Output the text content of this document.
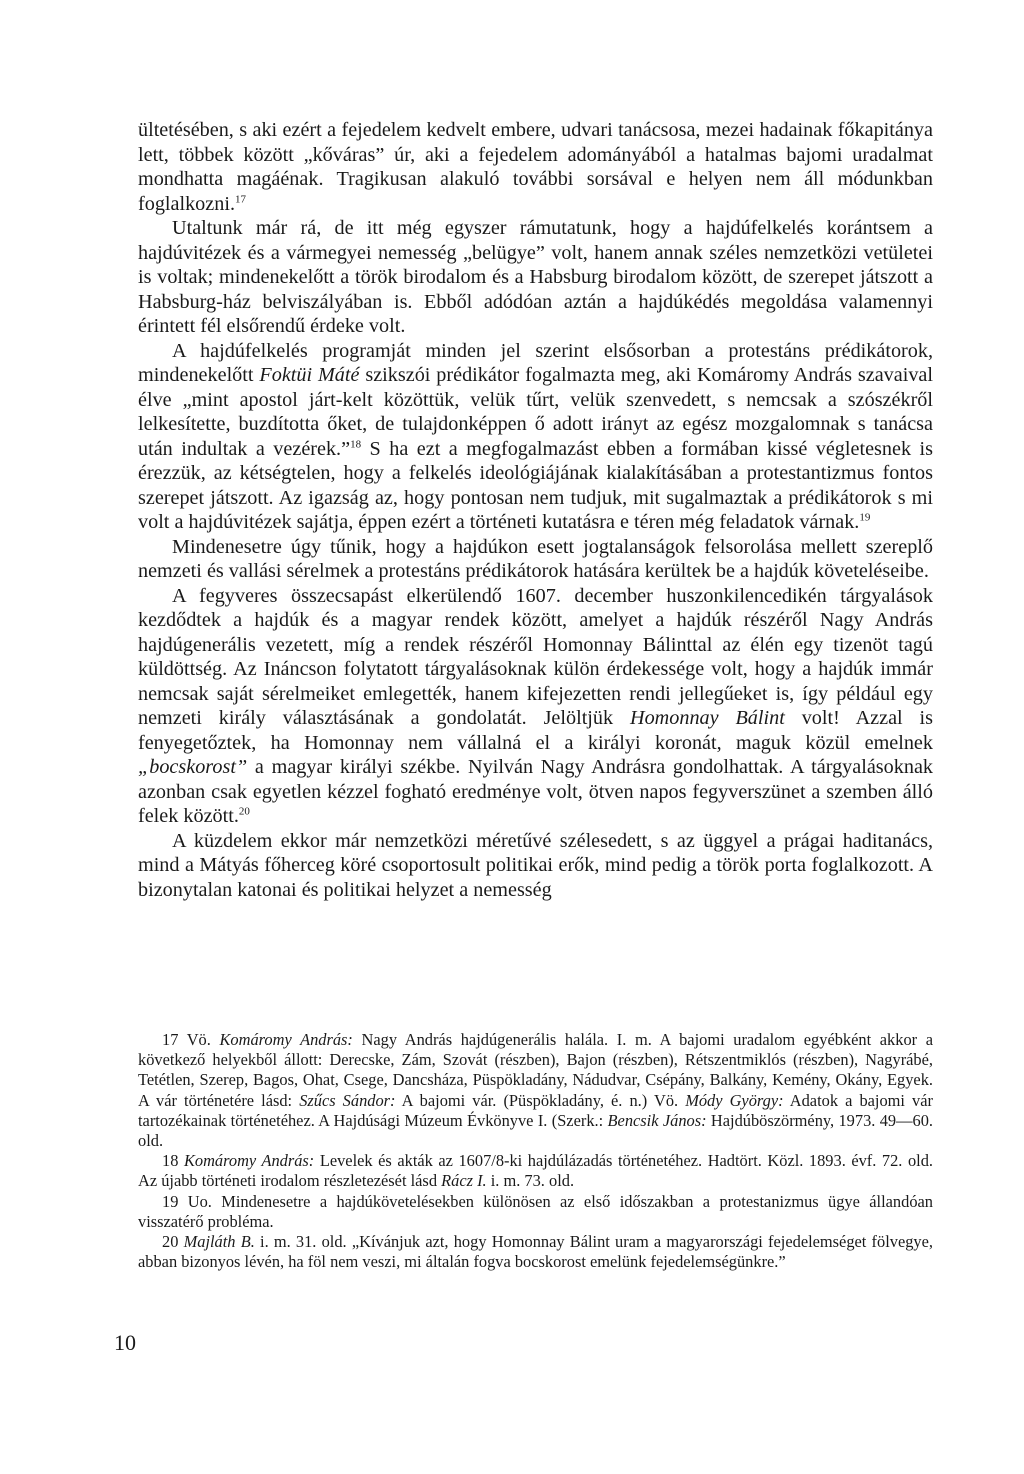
ültetésében, s aki ezért a fejedelem kedvelt embere, udvari tanácsosa, mezei hadainak főkapitánya lett, többek között „kőváras” úr, aki a fejedelem adományából a hatalmas bajomi uradalmat mondhatta magáénak. Tragikusan alakuló további sorsával e helyen nem áll módunkban foglalkozni.$^{17}$

Utaltunk már rá, de itt még egyszer rámutatunk, hogy a hajdúfelkelés korántsem a hajdúvitézek és a vármegyei nemesség „belügye” volt, hanem annak széles nemzetközi vetületei is voltak; mindenekelőtt a török birodalom és a Habsburg birodalom között, de szerepet játszott a Habsburg-ház belviszályában is. Ebből adódóan aztán a hajdúkédés megoldása valamennyi érintett fél elsőrendű érdeke volt.

A hajdúfelkelés programját minden jel szerint elsősorban a protestáns prédikátorok, mindenekelőtt Foktüi Máté szikszói prédikátor fogalmazta meg, aki Komáromy András szavaival élve „mint apostol járt-kelt közöttük, velük tűrt, velük szenvedett, s nemcsak a szószékről lelkesítette, buzdította őket, de tulajdonképpen ő adott irányt az egész mozgalomnak s tanácsa után indultak a vezérek.”$^{18}$ S ha ezt a megfogalmazást ebben a formában kissé végletesnek is érezzük, az kétségtelen, hogy a felkelés ideológiájának kialakításában a protestantizmus fontos szerepet játszott. Az igazság az, hogy pontosan nem tudjuk, mit sugalmaztak a prédikátorok s mi volt a hajdúvitézek sajátja, éppen ezért a történeti kutatásra e téren még feladatok várnak.$^{19}$

Mindenesetre úgy tűnik, hogy a hajdúkon esett jogtalanságok felsorolása mellett szereplő nemzeti és vallási sérelmek a protestáns prédikátorok hatására kerültek be a hajdúk követeléseibe.

A fegyveres összecsapást elkerülendő 1607. december huszonkilencedikén tárgyalások kezdődtek a hajdúk és a magyar rendek között, amelyet a hajdúk részéről Nagy András hajdúgenerális vezetett, míg a rendek részéről Homonnay Bálinttal az élén egy tizenöt tagú küldöttség. Az Ináncson folytatott tárgyalásoknak külön érdekessége volt, hogy a hajdúk immár nemcsak saját sérelmeiket emlegették, hanem kifejezetten rendi jellegűeket is, így például egy nemzeti király választásának a gondolatát. Jelöltjük Homonnay Bálint volt! Azzal is fenyegetőztek, ha Homonnay nem vállalná el a királyi koronát, maguk közül emelnek „bocskorost” a magyar királyi székbe. Nyilván Nagy Andrásra gondolhattak. A tárgyalásoknak azonban csak egyetlen kézzel fogható eredménye volt, ötven napos fegyverszünet a szemben álló felek között.$^{20}$

A küzdelem ekkor már nemzetközi méretűvé szélesedett, s az üggyel a prágai haditanács, mind a Mátyás főherceg köré csoportosult politikai erők, mind pedig a török porta foglalkozott. A bizonytalan katonai és politikai helyzet a nemesség

17 Vö. Komáromy András: Nagy András hajdúgenerális halála. I. m. A bajomi uradalom egyébként akkor a következő helyekből állott: Derecske, Zám, Szovát (részben), Bajon (részben), Rétszentmiklós (részben), Nagyrábé, Tetétlen, Szerep, Bagos, Ohat, Csege, Dancsháza, Püspökladány, Nádudvar, Csépány, Balkány, Kemény, Okány, Egyek. A vár történetére lásd: Szűcs Sándor: A bajomi vár. (Püspökladány, é. n.) Vö. Módy György: Adatok a bajomi vár tartozékainak történetéhez. A Hajdúsági Múzeum Évkönyve I. (Szerk.: Bencsik János: Hajdúböszörmény, 1973. 49—60. old.

18 Komáromy András: Levelek és akták az 1607/8-ki hajdúlázadás történetéhez. Hadtört. Közl. 1893. évf. 72. old. Az újabb történeti irodalom részletezését lásd Rácz I. i. m. 73. old.

19 Uo. Mindenesetre a hajdúkövetelésekben különösen az első időszakban a protestanizmus ügye állandóan visszatérő probléma.

20 Majláth B. i. m. 31. old. „Kívánjuk azt, hogy Homonnay Bálint uram a magyarországi fejedelemséget fölvegye, abban bizonyos lévén, ha föl nem veszi, mi általán fogva bocskorost emelünk fejedelemségünkre.”

10
